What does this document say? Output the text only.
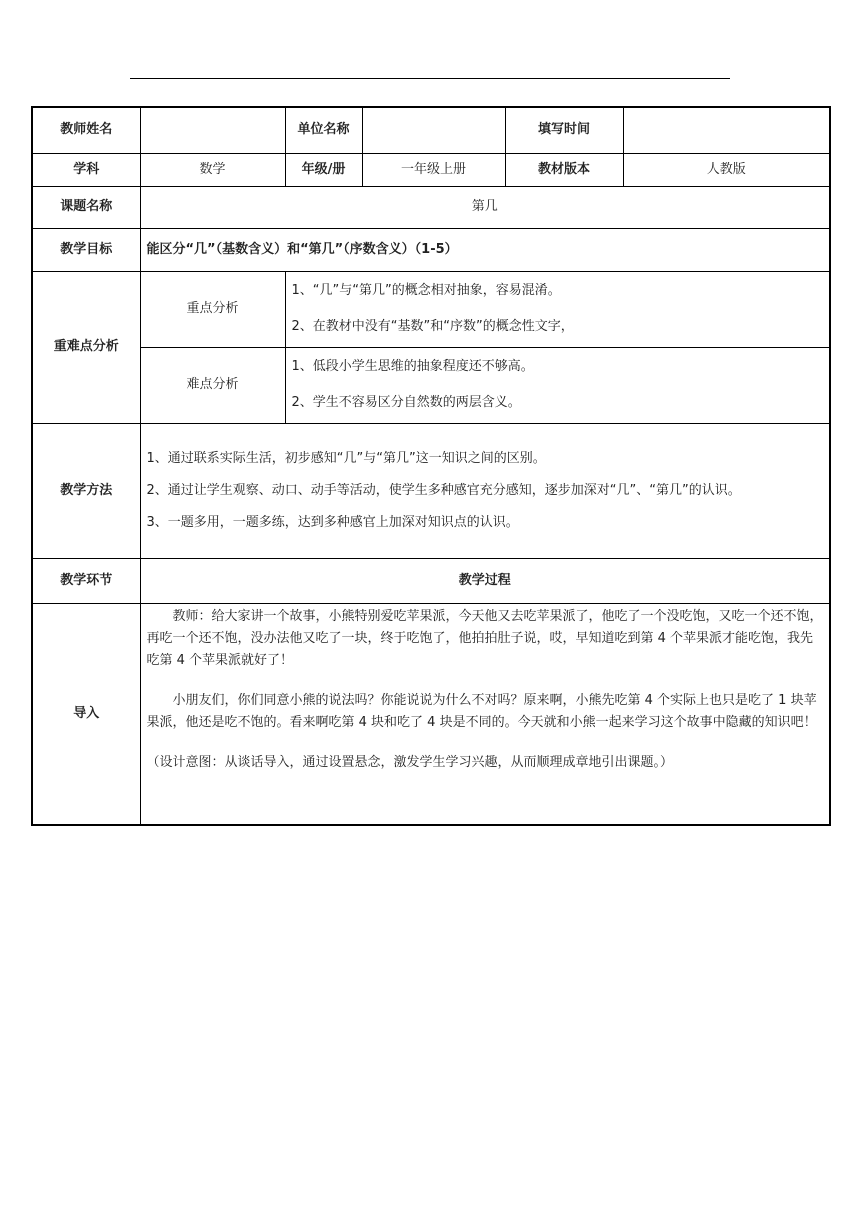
教师姓名		单位名称		填写时间	
学科	数学	年级/册	一年级上册	教材版本	人教版
课题名称	第几				
教学目标	能区分“几”（基数含义）和“第几”（序数含义）（1-5）				
重难点分析	重点分析	1、“几”与“第几”的概念相对抽象，容易混淆。

2、在教材中没有“基数”和“序数”的概念性文字，			

	难点分析	1、低段小学生思维的抽象程度还不够高。

2、学生不容易区分自然数的两层含义。			

教学方法	1、通过联系实际生活，初步感知“几”与“第几”这一知识之间的区别。

2、通过让学生观察、动口、动手等活动，使学生多种感官充分感知，逐步加深对“几”、“第几”的认识。

3、一题多用，一题多练，达到多种感官上加深对知识点的认识。				

教学环节	教学过程				
导入	教师：给大家讲一个故事，小熊特别爱吃苹果派，今天他又去吃苹果派了，他吃了一个没吃饱，又吃一个还不饱，再吃一个还不饱，没办法他又吃了一块，终于吃饱了，他拍拍肚子说，哎，早知道吃到第 4 个苹果派才能吃饱，我先吃第 4 个苹果派就好了！

小朋友们，你们同意小熊的说法吗？你能说说为什么不对吗？原来啊，小熊先吃第 4 个实际上也只是吃了 1 块苹果派，他还是吃不饱的。看来啊吃第 4 块和吃了 4 块是不同的。今天就和小熊一起来学习这个故事中隐藏的知识吧！

（设计意图：从谈话导入，通过设置悬念，激发学生学习兴趣，从而顺理成章地引出课题。）				
